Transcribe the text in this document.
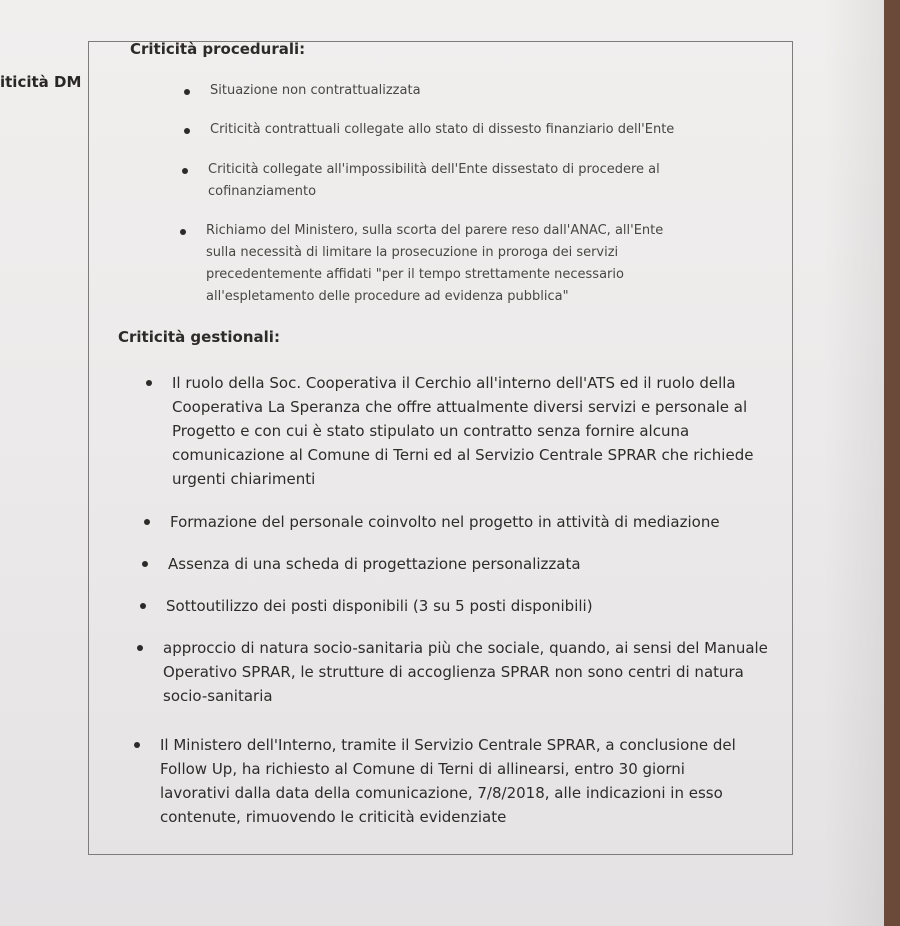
iticità DM
Criticità procedurali:
Situazione non contrattualizzata
Criticità contrattuali collegate allo stato di dissesto finanziario dell'Ente
Criticità collegate all'impossibilità dell'Ente dissestato di procedere al
cofinanziamento
Richiamo del Ministero, sulla scorta del parere reso dall'ANAC, all'Ente
sulla necessità di limitare la prosecuzione in proroga dei servizi
precedentemente affidati "per il tempo strettamente necessario
all'espletamento delle procedure ad evidenza pubblica"
Criticità gestionali:
Il ruolo della Soc. Cooperativa il Cerchio all'interno dell'ATS ed il ruolo della
Cooperativa La Speranza che offre attualmente diversi servizi e personale al
Progetto e con cui è stato stipulato un contratto senza fornire alcuna
comunicazione al Comune di Terni ed al Servizio Centrale SPRAR che richiede
urgenti chiarimenti
Formazione del personale coinvolto nel progetto in attività di mediazione
Assenza di una scheda di progettazione personalizzata
Sottoutilizzo dei posti disponibili (3 su 5 posti disponibili)
approccio di natura socio-sanitaria più che sociale, quando, ai sensi del Manuale
Operativo SPRAR, le strutture di accoglienza SPRAR non sono centri di natura
socio-sanitaria
Il Ministero dell'Interno, tramite il Servizio Centrale SPRAR, a conclusione del
Follow Up, ha richiesto al Comune di Terni di allinearsi, entro 30 giorni
lavorativi dalla data della comunicazione, 7/8/2018, alle indicazioni in esso
contenute, rimuovendo le criticità evidenziate
